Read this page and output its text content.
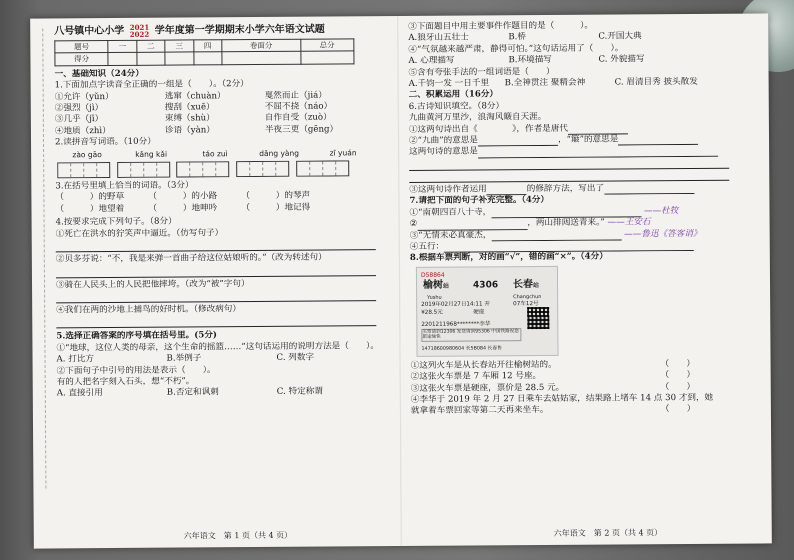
八号镇中心小学 2021
2022 学年度第一学期期末小学六年语文试题
题号	一	二	三	四	卷面分	总分
得分						
一、基础知识（24分）
1.下面加点字读音全正确的一组是（　　）。（2分）
①允许（yǔn）	逃窜（chuàn）	戛然而止（jiá）
②强烈（jì）	搜刮（xuē）	不屈不挠（náo）
③几乎（jī）	束缚（shù）	自作自受（zuò）
④地质（zhì）	诊语（yàn）	半夜三更（gēng）
2.读拼音写词语。（10分）
zào gāo	kǎng kǎi	táo zuì	dǎng yàng	zī yuán

3.在括号里填上恰当的词语。（3分）
（　　　）的野草	（　　　）的小路	（　　　）的琴声
（　　　）地望着	（　　　）地呻吟	（　　　）地记得
4.按要求完成下列句子。（8分）
①死亡在洪水的狞笑声中逼近。（仿写句子）
②贝多芬说：“不，我是来弹一首曲子给这位姑娘听的。”（改为转述句）
③骑在人民头上的人民把他摔垮。（改为“被”字句）
④我们在两的沙地上捕鸟的好时机。（修改病句）
5.选择正确答案的序号填在括号里。(5分)
①“地球，这位人类的母亲，这个生命的摇篮……”这句话运用的说明方法是（　　）。
A. 打比方	B.举例子	C. 列数字
②下面句子中引号的用法是表示（　　）。
有的人把名字刻入石头，想“不朽”。
A. 直接引用	B.否定和讽刺	C. 特定称谓
六年语文　第 1 页（共 4 页）
③下面题目中用主要事件作题目的是（　　　）。
A.狼牙山五壮士	B.桥	C.开国大典
④“气氛越来越严肃，静得可怕。”这句话运用了（　　）。
A. 心理描写	B.环境描写	C. 外貌描写
⑤含有夸张手法的一组词语是（　　）
A.千钧一发 一日千里 B.全神贯注 聚精会神	C. 眉清目秀 披头散发
二、积累运用（16分）
6.古诗知识填空。（8分）
九曲黄河万里沙，浪淘风簸自天涯。
①这两句诗出自《　　　　》，作者是唐代
②“九曲”的意思是	，“簸”的意思是
这两句诗的意思是

③这两句诗作者运用	的修辞方法，写出了
7.请把下面的句子补充完整。（4分）
①“南朝四百八十寺，	——杜牧
②	，两山排闼送青来。” ——王安石
③“无情未必真豪杰，	——鲁迅《答客诮》
④五行：
8.根据车票判断，对的画“√”，错的画“×”。（4分）
D58864
榆树站
Yushu
4306 长春站
Changchun
2019年02月27日14:11 开	07车12号
¥28.5元	硬座
2201211968********李华
买票请到12306 发货请到95306 中国铁路祝您旅途愉快
14718600980604 长5B084 长春售
①这列火车是从长春站开往榆树站的。	（　　）
②这张火车票是 7 车厢 12 号座。	（　　）
③这张火车票是硬座，票价是 28.5 元。	（　　）
④李华于 2019 年 2 月 27 日乘车去姑姑家，结果路上堵车 14 点 30 才到，她
就拿着车票回家等第二天再来坐车。	（　　）
六年语文　第 2 页（共 4 页）
